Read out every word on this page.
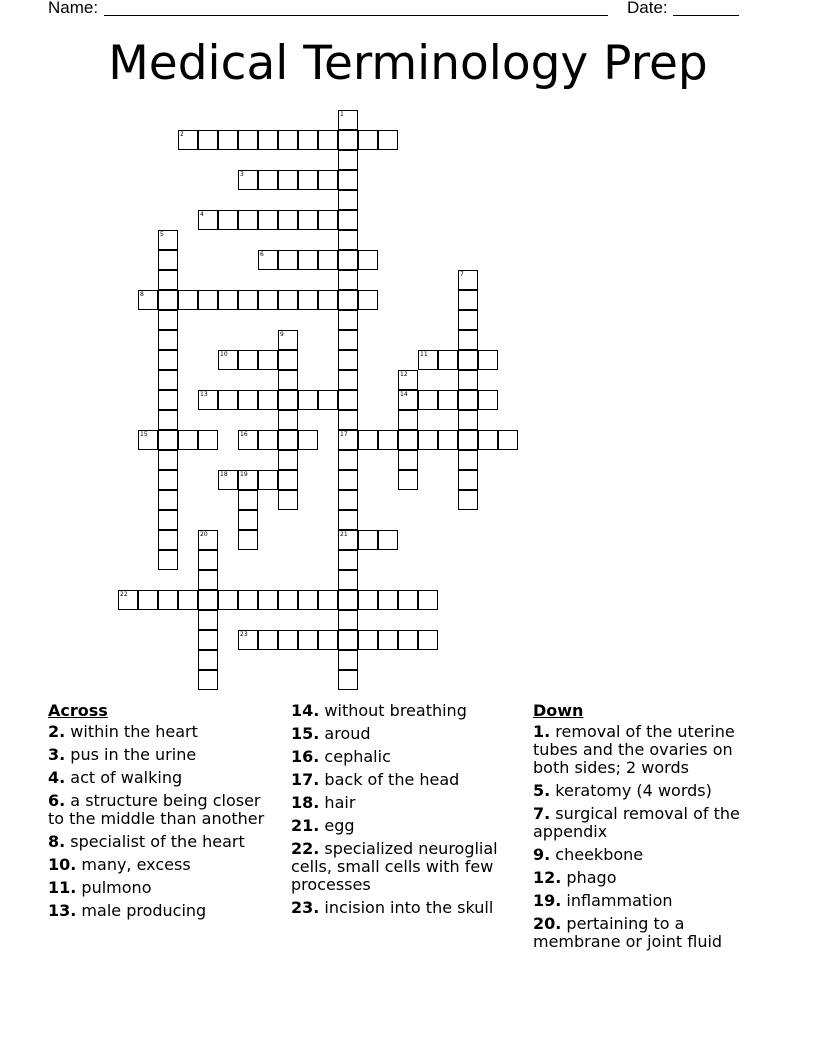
Name:	Date:
Medical Terminology Prep
1
17
21
2
3
4
5
6
7
8
9
10	11
12
14
13
15	16
18 19
20
22
23
Across
2. within the heart
3. pus in the urine
4. act of walking
6. a structure being closer to the middle than another
8. specialist of the heart
10. many, excess
11. pulmono
13. male producing
14. without breathing
15. aroud
16. cephalic
17. back of the head
18. hair
21. egg
22. specialized neuroglial cells, small cells with few processes
23. incision into the skull
Down
1. removal of the uterine tubes and the ovaries on both sides; 2 words
5. keratomy (4 words)
7. surgical removal of the appendix
9. cheekbone
12. phago
19. inflammation
20. pertaining to a membrane or joint fluid
